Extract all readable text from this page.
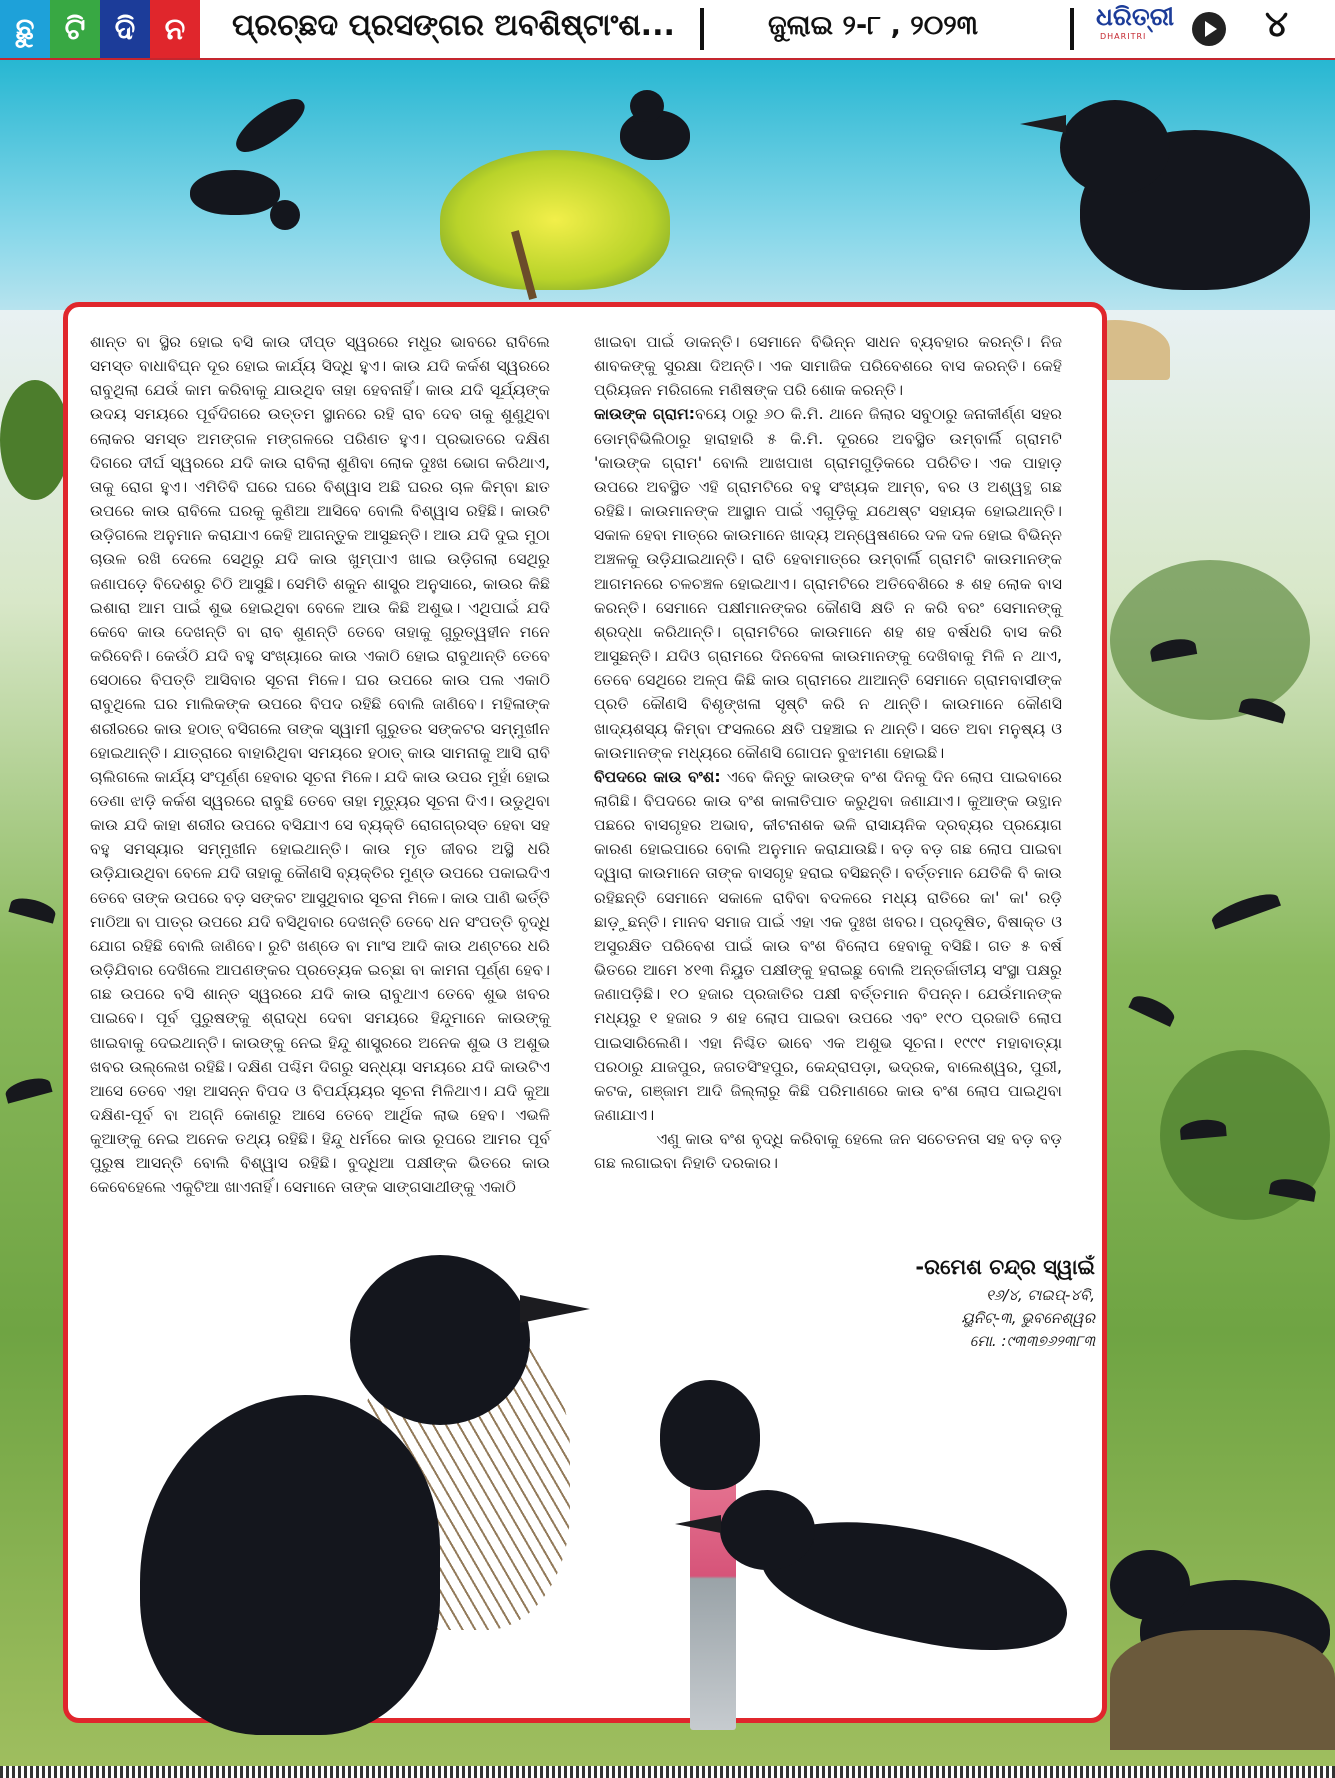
ଛୁ	ଟି ଦି ନ	ପ୍ରଚ୍ଛଦ ପ୍ରସଙ୍ଗର ଅବଶିଷ୍ଟାଂଶ...	ଜୁଲାଇ ୨-୮ , ୨୦୨୩	ଧରିତ୍ରୀ
DHARITRI	୪

ଶାନ୍ତ ବା ସ୍ଥିର ହୋଇ ବସି କାଉ ଦୀପ୍ତ ସ୍ୱରରେ ମଧୁର ଭାବରେ ରାବିଲେ ସମସ୍ତ ବାଧାବିଘ୍ନ ଦୂର ହୋଇ କାର୍ଯ୍ୟ ସିଦ୍ଧି ହୁଏ। କାଉ ଯଦି କର୍କଶ ସ୍ୱରରେ ରାବୁଥିଲା ଯେଉଁ କାମ କରିବାକୁ ଯାଉଥିବ ତାହା ହେବନାହିଁ। କାଉ ଯଦି ସୂର୍ଯ୍ୟଙ୍କ ଉଦୟ ସମୟରେ ପୂର୍ବଦିଗରେ ଉତ୍ତମ ସ୍ଥାନରେ ରହି ରାବ ଦେବ ତାକୁ ଶୁଣୁଥିବା ଲୋକର ସମସ୍ତ ଅମଙ୍ଗଳ ମଙ୍ଗଳରେ ପରିଣତ ହୁଏ। ପ୍ରଭାତରେ ଦକ୍ଷିଣ ଦିଗରେ ଦୀର୍ଘ ସ୍ୱରରେ ଯଦି କାଉ ରାବିଲା ଶୁଣିବା ଲୋକ ଦୁଃଖ ଭୋଗ କରିଥାଏ, ତାକୁ ରୋଗ ହୁଏ। ଏମିତିବି ଘରେ ଘରେ ବିଶ୍ୱାସ ଅଛି ଘରର ଚାଳ କିମ୍ବା ଛାତ ଉପରେ କାଉ ରାବିଲେ ଘରକୁ କୁଣିଆ ଆସିବେ ବୋଲି ବିଶ୍ୱାସ ରହିଛି। କାଉଟି ଉଡ଼ିଗଲେ ଅନୁମାନ କରାଯାଏ କେହି ଆଗନ୍ତୁକ ଆସୁଛନ୍ତି। ଆଉ ଯଦି ଦୁଇ ମୁଠା ଚାଉଳ ରଖି ଦେଲେ ସେଥିରୁ ଯଦି କାଉ ଖୁମ୍ପାଏ ଖାଇ ଉଡ଼ିଗଲା ସେଥିରୁ ଜଣାପଡ଼େ ବିଦେଶରୁ ଚିଠି ଆସୁଛି। ସେମିତି ଶକୁନ ଶାସ୍ତ୍ର ଅନୁସାରେ, କାଉର କିଛି ଇଶାରା ଆମ ପାଇଁ ଶୁଭ ହୋଇଥିବା ବେଳେ ଆଉ କିଛି ଅଶୁଭ। ଏଥିପାଇଁ ଯଦି କେବେ କାଉ ଦେଖନ୍ତି ବା ରାବ ଶୁଣନ୍ତି ତେବେ ତାହାକୁ ଗୁରୁତ୍ୱହୀନ ମନେ କରିବେନି। କେଉଁଠି ଯଦି ବହୁ ସଂଖ୍ୟାରେ କାଉ ଏକାଠି ହୋଇ ରାବୁଥାନ୍ତି ତେବେ ସେଠାରେ ବିପତ୍ତି ଆସିବାର ସୂଚନା ମିଳେ। ଘର ଉପରେ କାଉ ପଲ ଏକାଠି ରାବୁଥିଲେ ଘର ମାଲିକଙ୍କ ଉପରେ ବିପଦ ରହିଛି ବୋଲି ଜାଣିବେ। ମହିଳାଙ୍କ ଶରୀରରେ କାଉ ହଠାତ୍ ବସିଗଲେ ତାଙ୍କ ସ୍ୱାମୀ ଗୁରୁତର ସଙ୍କଟର ସମ୍ମୁଖୀନ ହୋଇଥାନ୍ତି। ଯାତ୍ରାରେ ବାହାରିଥିବା ସମୟରେ ହଠାତ୍ କାଉ ସାମନାକୁ ଆସି ରାବି ଚାଲିଗଲେ କାର୍ଯ୍ୟ ସଂପୂର୍ଣ୍ଣ ହେବାର ସୂଚନା ମିଳେ। ଯଦି କାଉ ଉପର ମୁହାଁ ହୋଇ ଡେଣା ଝାଡ଼ି କର୍କଶ ସ୍ୱରରେ ରାବୁଛି ତେବେ ତାହା ମୃତ୍ୟୁର ସୂଚନା ଦିଏ। ଉଡୁଥିବା କାଉ ଯଦି କାହା ଶରୀର ଉପରେ ବସିଯାଏ ସେ ବ୍ୟକ୍ତି ରୋଗଗ୍ରସ୍ତ ହେବା ସହ ବହୁ ସମସ୍ୟାର ସମ୍ମୁଖୀନ ହୋଇଥାନ୍ତି। କାଉ ମୃତ ଜୀବର ଅସ୍ଥି ଧରି ଉଡ଼ିଯାଉଥିବା ବେଳେ ଯଦି ତାହାକୁ କୌଣସି ବ୍ୟକ୍ତିର ମୁଣ୍ଡ ଉପରେ ପକାଇଦିଏ ତେବେ ତାଙ୍କ ଉପରେ ବଡ଼ ସଙ୍କଟ ଆସୁଥିବାର ସୂଚନା ମିଳେ। କାଉ ପାଣି ଭର୍ତ୍ତି ମାଠିଆ ବା ପାତ୍ର ଉପରେ ଯଦି ବସିଥିବାର ଦେଖନ୍ତି ତେବେ ଧନ ସଂପତ୍ତି ବୃଦ୍ଧି ଯୋଗ ରହିଛି ବୋଲି ଜାଣିବେ। ରୁଟି ଖଣ୍ଡେ ବା ମାଂସ ଆଦି କାଉ ଥଣ୍ଟରେ ଧରି ଉଡ଼ିଯିବାର ଦେଖିଲେ ଆପଣଙ୍କର ପ୍ରତ୍ୟେକ ଇଚ୍ଛା ବା କାମନା ପୂର୍ଣ୍ଣ ହେବ। ଗଛ ଉପରେ ବସି ଶାନ୍ତ ସ୍ୱରରେ ଯଦି କାଉ ରାବୁଥାଏ ତେବେ ଶୁଭ ଖବର ପାଇବେ। ପୂର୍ବ ପୁରୁଷଙ୍କୁ ଶ୍ରାଦ୍ଧ ଦେବା ସମୟରେ ହିନ୍ଦୁମାନେ କାଉଙ୍କୁ ଖାଇବାକୁ ଦେଇଥାନ୍ତି। କାଉଙ୍କୁ ନେଇ ହିନ୍ଦୁ ଶାସ୍ତ୍ରରେ ଅନେକ ଶୁଭ ଓ ଅଶୁଭ ଖବର ଉଲ୍ଲେଖ ରହିଛି। ଦକ୍ଷିଣ ପଶ୍ଚିମ ଦିଗରୁ ସନ୍ଧ୍ୟା ସମୟରେ ଯଦି କାଉଟିଏ ଆସେ ତେବେ ଏହା ଆସନ୍ନ ବିପଦ ଓ ବିପର୍ଯ୍ୟୟର ସୂଚନା ମିଳିଥାଏ। ଯଦି କୁଆ ଦକ୍ଷିଣ-ପୂର୍ବ ବା ଅଗ୍ନି କୋଣରୁ ଆସେ ତେବେ ଆର୍ଥିକ ଲାଭ ହେବ। ଏଭଳି କୁଆଙ୍କୁ ନେଇ ଅନେକ ତଥ୍ୟ ରହିଛି। ହିନ୍ଦୁ ଧର୍ମରେ କାଉ ରୂପରେ ଆମର ପୂର୍ବ ପୁରୁଷ ଆସନ୍ତି ବୋଲି ବିଶ୍ୱାସ ରହିଛି। ବୁଦ୍ଧିଆ ପକ୍ଷୀଙ୍କ ଭିତରେ କାଉ କେବେହେଲେ ଏକୁଟିଆ ଖାଏନାହିଁ। ସେମାନେ ତାଙ୍କ ସାଙ୍ଗସାଥୀଙ୍କୁ ଏକାଠି

ଖାଇବା ପାଇଁ ଡାକନ୍ତି। ସେମାନେ ବିଭିନ୍ନ ସାଧନ ବ୍ୟବହାର କରନ୍ତି। ନିଜ ଶାବକଙ୍କୁ ସୁରକ୍ଷା ଦିଅନ୍ତି। ଏକ ସାମାଜିକ ପରିବେଶରେ ବାସ କରନ୍ତି। କେହି ପ୍ରିୟଜନ ମରିଗଲେ ମଣିଷଙ୍କ ପରି ଶୋକ କରନ୍ତି।

କାଉଙ୍କ ଗ୍ରାମ:ବୟେ ଠାରୁ ୬୦ କି.ମି. ଥାନେ ଜିଲାର ସବୁଠାରୁ ଜନାକୀର୍ଣ୍ଣ ସହର ଡୋମ୍ବିଭିଲିଠାରୁ ହାରାହାରି ୫ କି.ମି. ଦୂରରେ ଅବସ୍ଥିତ ଉମ୍ବାର୍ଲି ଗ୍ରାମଟି 'କାଉଙ୍କ ଗ୍ରାମ' ବୋଲି ଆଖପାଖ ଗ୍ରାମଗୁଡ଼ିକରେ ପରିଚିତ। ଏକ ପାହାଡ଼ ଉପରେ ଅବସ୍ଥିତ ଏହି ଗ୍ରାମଟିରେ ବହୁ ସଂଖ୍ୟକ ଆମ୍ବ, ବର ଓ ଅଶ୍ୱତ୍ଥ ଗଛ ରହିଛି। କାଉମାନଙ୍କ ଆସ୍ଥାନ ପାଇଁ ଏଗୁଡ଼ିକୁ ଯଥେଷ୍ଟ ସହାୟକ ହୋଇଥାନ୍ତି। ସକାଳ ହେବା ମାତ୍ରେ କାଉମାନେ ଖାଦ୍ୟ ଅନ୍ୱେଷଣରେ ଦଳ ଦଳ ହୋଇ ବିଭିନ୍ନ ଅଞ୍ଚଳକୁ ଉଡ଼ିଯାଇଥାନ୍ତି। ରାତି ହେବାମାତ୍ରେ ଉମ୍ବାର୍ଲି ଗ୍ରାମଟି କାଉମାନଙ୍କ ଆଗମନରେ ଚଳଚଞ୍ଚଳ ହୋଇଥାଏ। ଗ୍ରାମଟିରେ ଅତିବେଶିରେ ୫ ଶହ ଲୋକ ବାସ କରନ୍ତି। ସେମାନେ ପକ୍ଷୀମାନଙ୍କର କୌଣସି କ୍ଷତି ନ କରି ବରଂ ସେମାନଙ୍କୁ ଶ୍ରଦ୍ଧା କରିଥାନ୍ତି। ଗ୍ରାମଟିରେ କାଉମାନେ ଶହ ଶହ ବର୍ଷଧରି ବାସ କରି ଆସୁଛନ୍ତି। ଯଦିଓ ଗ୍ରାମରେ ଦିନବେଳା କାଉମାନଙ୍କୁ ଦେଖିବାକୁ ମିଳି ନ ଥାଏ, ତେବେ ସେଥିରେ ଅଳ୍ପ କିଛି କାଉ ଗ୍ରାମରେ ଥାଆନ୍ତି ସେମାନେ ଗ୍ରାମବାସୀଙ୍କ ପ୍ରତି କୌଣସି ବିଶୃଙ୍ଖଳା ସୃଷ୍ଟି କରି ନ ଥାନ୍ତି। କାଉମାନେ କୌଣସି ଖାଦ୍ୟଶସ୍ୟ କିମ୍ବା ଫସଲରେ କ୍ଷତି ପହଞ୍ଚାଇ ନ ଥାନ୍ତି। ସତେ ଅବା ମନୁଷ୍ୟ ଓ କାଉମାନଙ୍କ ମଧ୍ୟରେ କୌଣସି ଗୋପନ ବୁଝାମଣା ହୋଇଛି।

ବିପଦରେ କାଉ ବଂଶ: ଏବେ କିନ୍ତୁ କାଉଙ୍କ ବଂଶ ଦିନକୁ ଦିନ ଲୋପ ପାଇବାରେ ଲାଗିଛି। ବିପଦରେ କାଉ ବଂଶ କାଳାତିପାତ କରୁଥିବା ଜଣାଯାଏ। କୁଆଙ୍କ ଉତ୍ଥାନ ପଛରେ ବାସଗୃହର ଅଭାବ, କୀଟନାଶକ ଭଳି ରାସାୟନିକ ଦ୍ରବ୍ୟର ପ୍ରୟୋଗ କାରଣ ହୋଇପାରେ ବୋଲି ଅନୁମାନ କରାଯାଉଛି। ବଡ଼ ବଡ଼ ଗଛ ଲୋପ ପାଇବା ଦ୍ୱାରା କାଉମାନେ ତାଙ୍କ ବାସଗୃହ ହରାଇ ବସିଛନ୍ତି। ବର୍ତ୍ତମାନ ଯେତିକି ବି କାଉ ରହିଛନ୍ତି ସେମାନେ ସକାଳେ ରାବିବା ବଦଳରେ ମଧ୍ୟ ରାତିରେ କା' କା' ରଡ଼ି ଛାଡ଼ୁଛନ୍ତି। ମାନବ ସମାଜ ପାଇଁ ଏହା ଏକ ଦୁଃଖ ଖବର। ପ୍ରଦୂଷିତ, ବିଷାକ୍ତ ଓ ଅସୁରକ୍ଷିତ ପରିବେଶ ପାଇଁ କାଉ ବଂଶ ବିଲୋପ ହେବାକୁ ବସିଛି। ଗତ ୫ ବର୍ଷ ଭିତରେ ଆମେ ୪୧୩ ନିୟୁତ ପକ୍ଷୀଙ୍କୁ ହରାଇଛୁ ବୋଲି ଅନ୍ତର୍ଜାତୀୟ ସଂସ୍ଥା ପକ୍ଷରୁ ଜଣାପଡ଼ିଛି। ୧୦ ହଜାର ପ୍ରଜାତିର ପକ୍ଷୀ ବର୍ତ୍ତମାନ ବିପନ୍ନ। ଯେଉଁମାନଙ୍କ ମଧ୍ୟରୁ ୧ ହଜାର ୨ ଶହ ଲୋପ ପାଇବା ଉପରେ ଏବଂ ୧୯୦ ପ୍ରଜାତି ଲୋପ ପାଇସାରିଲେଣି। ଏହା ନିଶ୍ଚିତ ଭାବେ ଏକ ଅଶୁଭ ସୂଚନା। ୧୯୯୯ ମହାବାତ୍ୟା ପରଠାରୁ ଯାଜପୁର, ଜଗତସିଂହପୁର, କେନ୍ଦ୍ରାପଡ଼ା, ଭଦ୍ରକ, ବାଲେଶ୍ୱର, ପୁରୀ, କଟକ, ଗଞ୍ଜାମ ଆଦି ଜିଲ୍ଲାରୁ କିଛି ପରିମାଣରେ କାଉ ବଂଶ ଲୋପ ପାଇଥିବା ଜଣାଯାଏ।

ଏଣୁ କାଉ ବଂଶ ବୃଦ୍ଧି କରିବାକୁ ହେଲେ ଜନ ସଚେତନତା ସହ ବଡ଼ ବଡ଼ ଗଛ ଲଗାଇବା ନିହାତି ଦରକାର।

-ରମେଶ ଚନ୍ଦ୍ର ସ୍ୱାଇଁ
୧୬/୪, ଟାଇପ୍-୪ବି,
ୟୁନିଟ୍-୩, ଭୁବନେଶ୍ୱର
ମୋ. :୯୩୩୭୬୨୩୮୩
